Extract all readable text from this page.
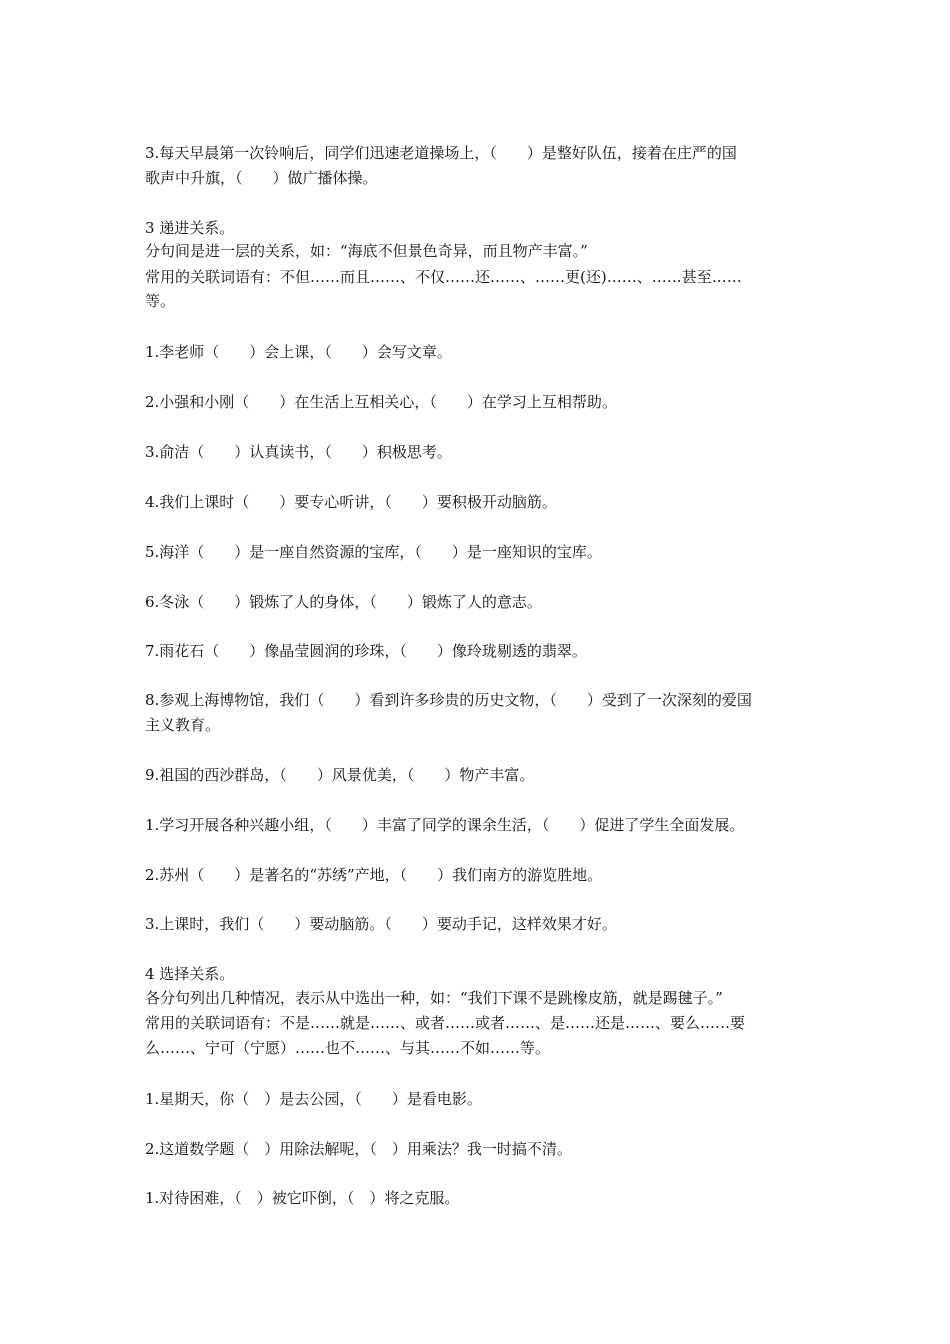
3.每天早晨第一次铃响后，同学们迅速老道操场上，（　　）是整好队伍，接着在庄严的国
歌声中升旗，（　　）做广播体操。
3 递进关系。
分句间是进一层的关系，如：“海底不但景色奇异，而且物产丰富。”
常用的关联词语有：不但……而且……、不仅……还……、……更(还)……、……甚至……
等。
1.李老师（　　）会上课，（　　）会写文章。
2.小强和小刚（　　）在生活上互相关心，（　　）在学习上互相帮助。
3.俞洁（　　）认真读书，（　　）积极思考。
4.我们上课时（　　）要专心听讲，（　　）要积极开动脑筋。
5.海洋（　　）是一座自然资源的宝库，（　　）是一座知识的宝库。
6.冬泳（　　）锻炼了人的身体，（　　）锻炼了人的意志。
7.雨花石（　　）像晶莹圆润的珍珠，（　　）像玲珑剔透的翡翠。
8.参观上海博物馆，我们（　　）看到许多珍贵的历史文物，（　　）受到了一次深刻的爱国
主义教育。
9.祖国的西沙群岛，（　　）风景优美，（　　）物产丰富。
1.学习开展各种兴趣小组，（　　）丰富了同学的课余生活，（　　）促进了学生全面发展。
2.苏州（　　）是著名的“苏绣”产地，（　　）我们南方的游览胜地。
3.上课时，我们（　　）要动脑筋。（　　）要动手记，这样效果才好。
4 选择关系。
各分句列出几种情况，表示从中选出一种，如：“我们下课不是跳橡皮筋，就是踢毽子。”
常用的关联词语有：不是……就是……、或者……或者……、是……还是……、要么……要
么……、宁可（宁愿）……也不……、与其……不如……等。
1.星期天，你（　）是去公园，（　　）是看电影。
2.这道数学题（　）用除法解呢，（　）用乘法？我一时搞不清。
1.对待困难，（　）被它吓倒，（　）将之克服。
